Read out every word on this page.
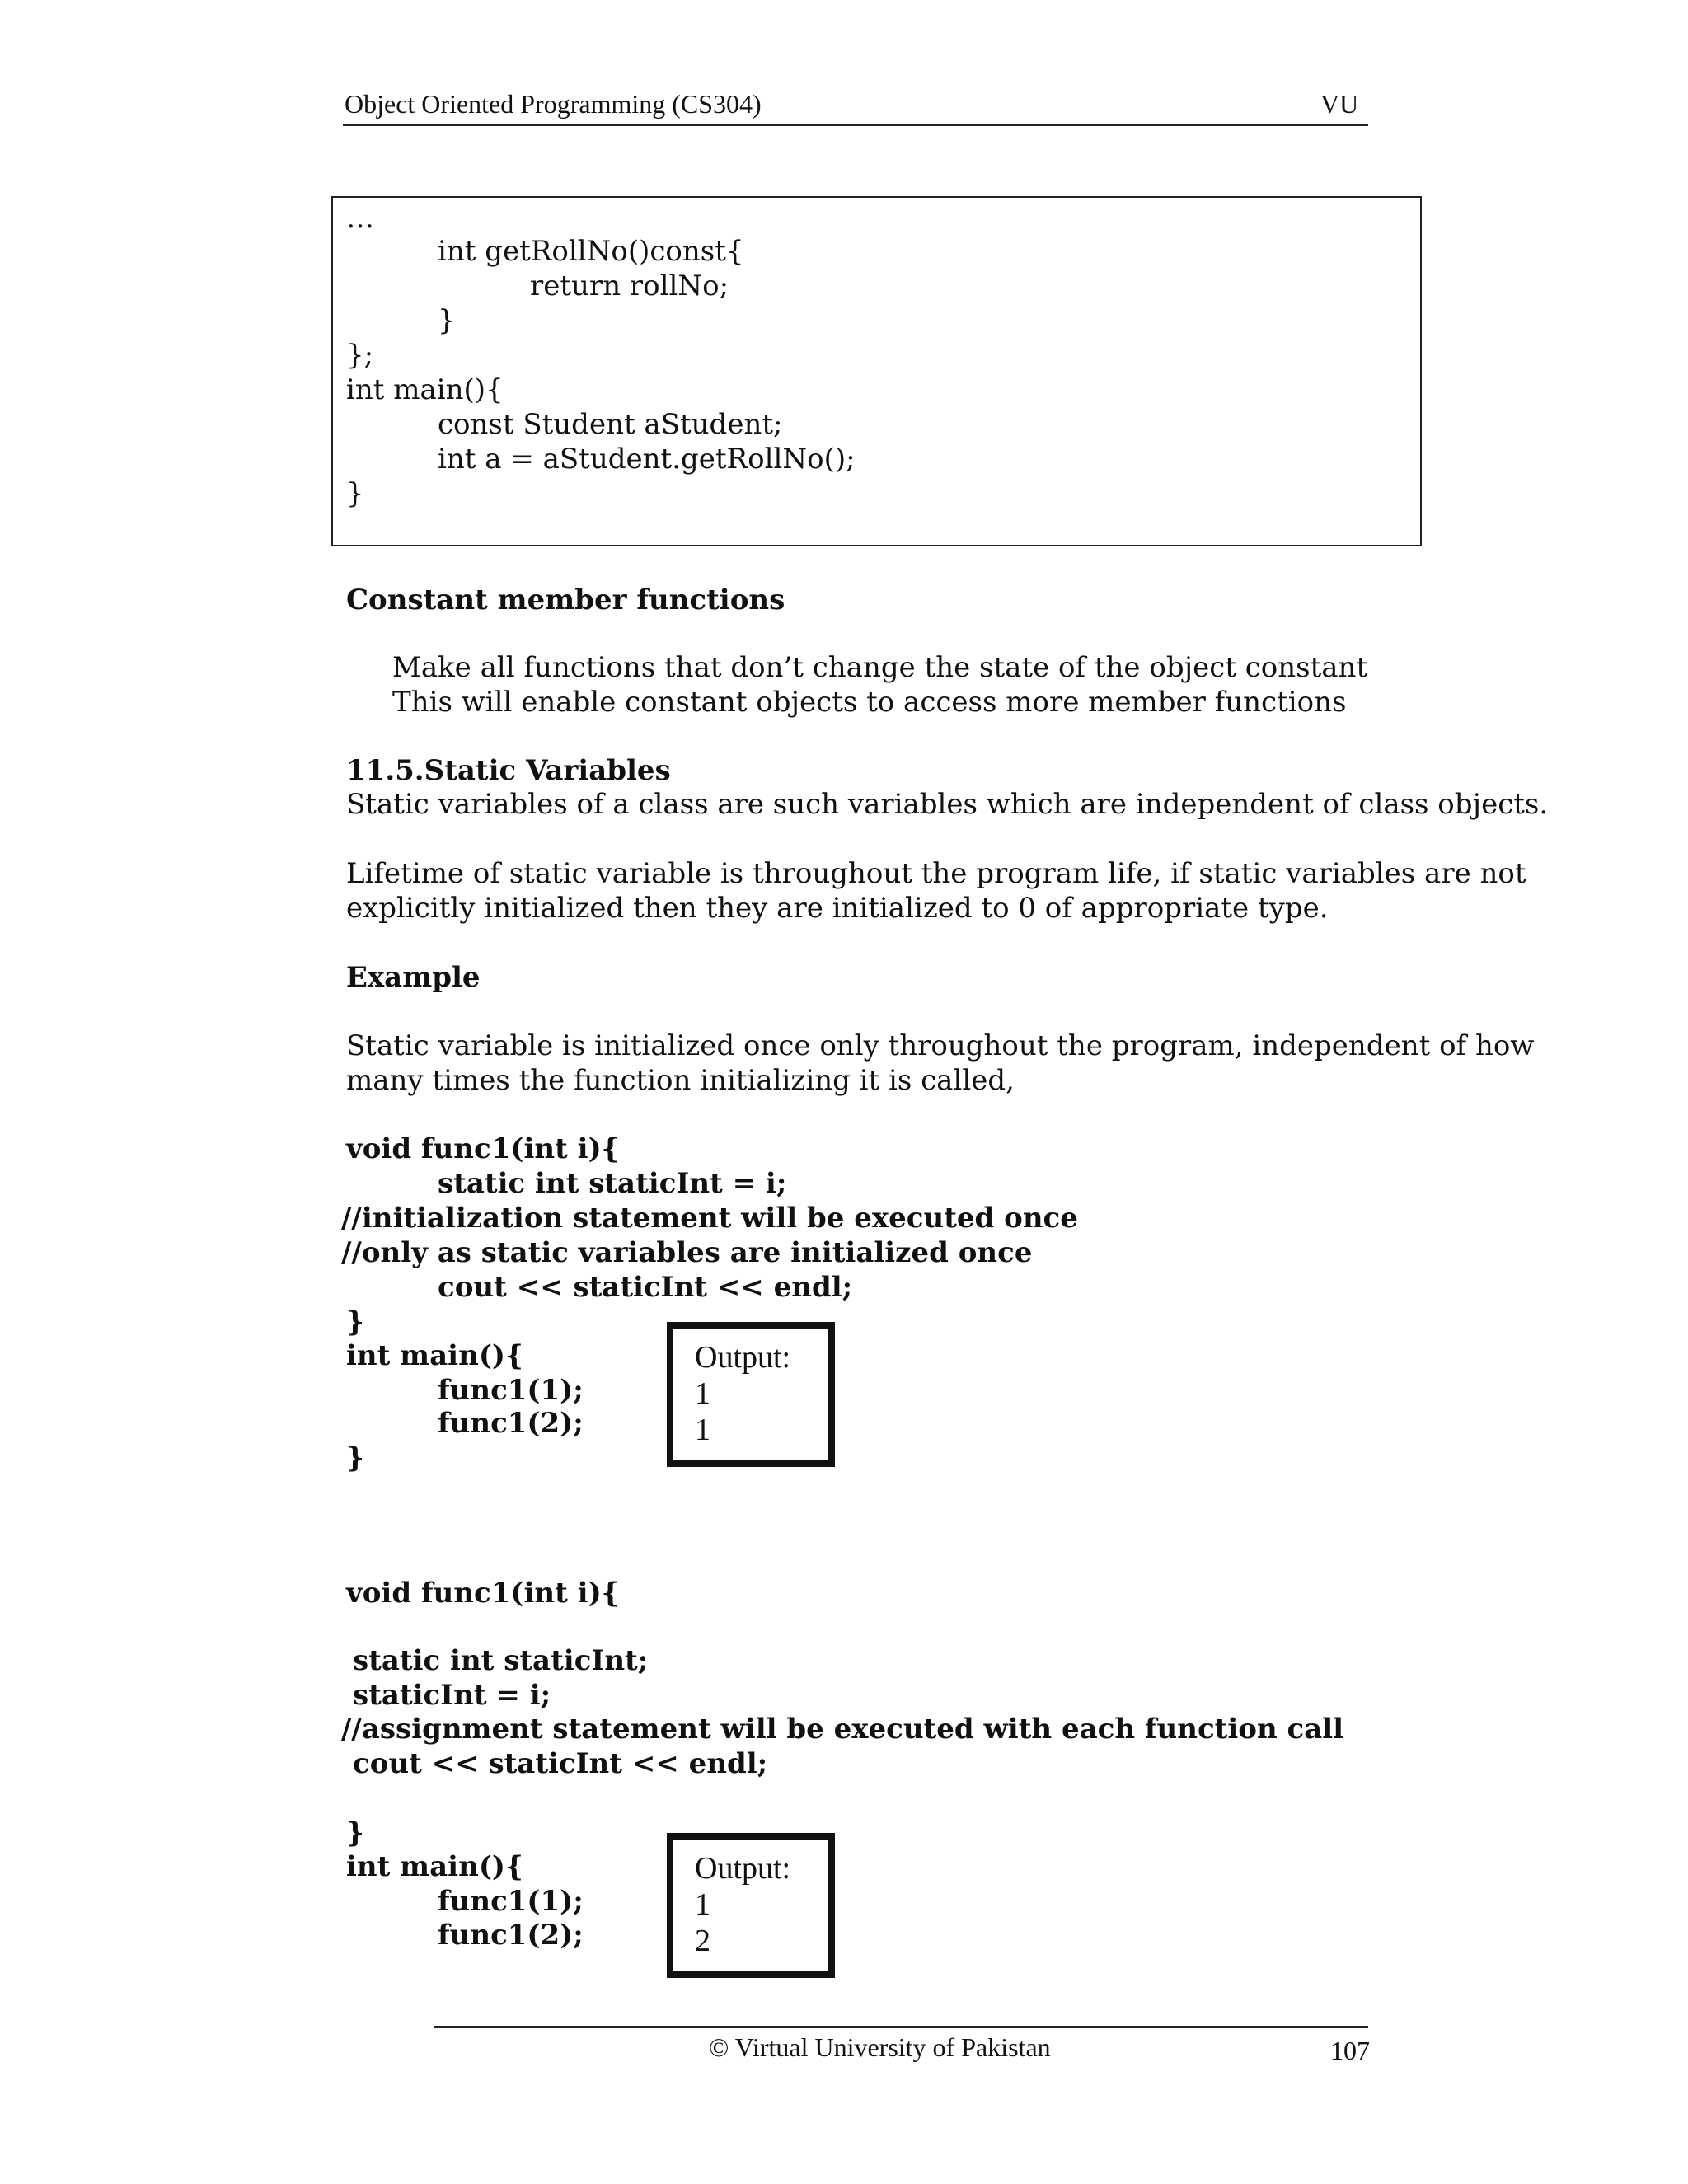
Object Oriented Programming (CS304)	VU
…
int getRollNo()const{
return rollNo;
}
};
int main(){
const Student aStudent;
int a = aStudent.getRollNo();
}
Constant member functions
Make all functions that don’t change the state of the object constant
This will enable constant objects to access more member functions
11.5.Static Variables
Static variables of a class are such variables which are independent of class objects.
Lifetime of static variable is throughout the program life, if static variables are not
explicitly initialized then they are initialized to 0 of appropriate type.
Example
Static variable is initialized once only throughout the program, independent of how
many times the function initializing it is called,
void func1(int i){
static int staticInt = i;
//initialization statement will be executed once
//only as static variables are initialized once
cout << staticInt << endl;
}
int main(){
func1(1);
func1(2);
}
Output:
1
1
void func1(int i){
static int staticInt;
staticInt = i;
//assignment statement will be executed with each function call
cout << staticInt << endl;
}
int main(){
func1(1);
func1(2);
Output:
1
2
© Virtual University of Pakistan	107
